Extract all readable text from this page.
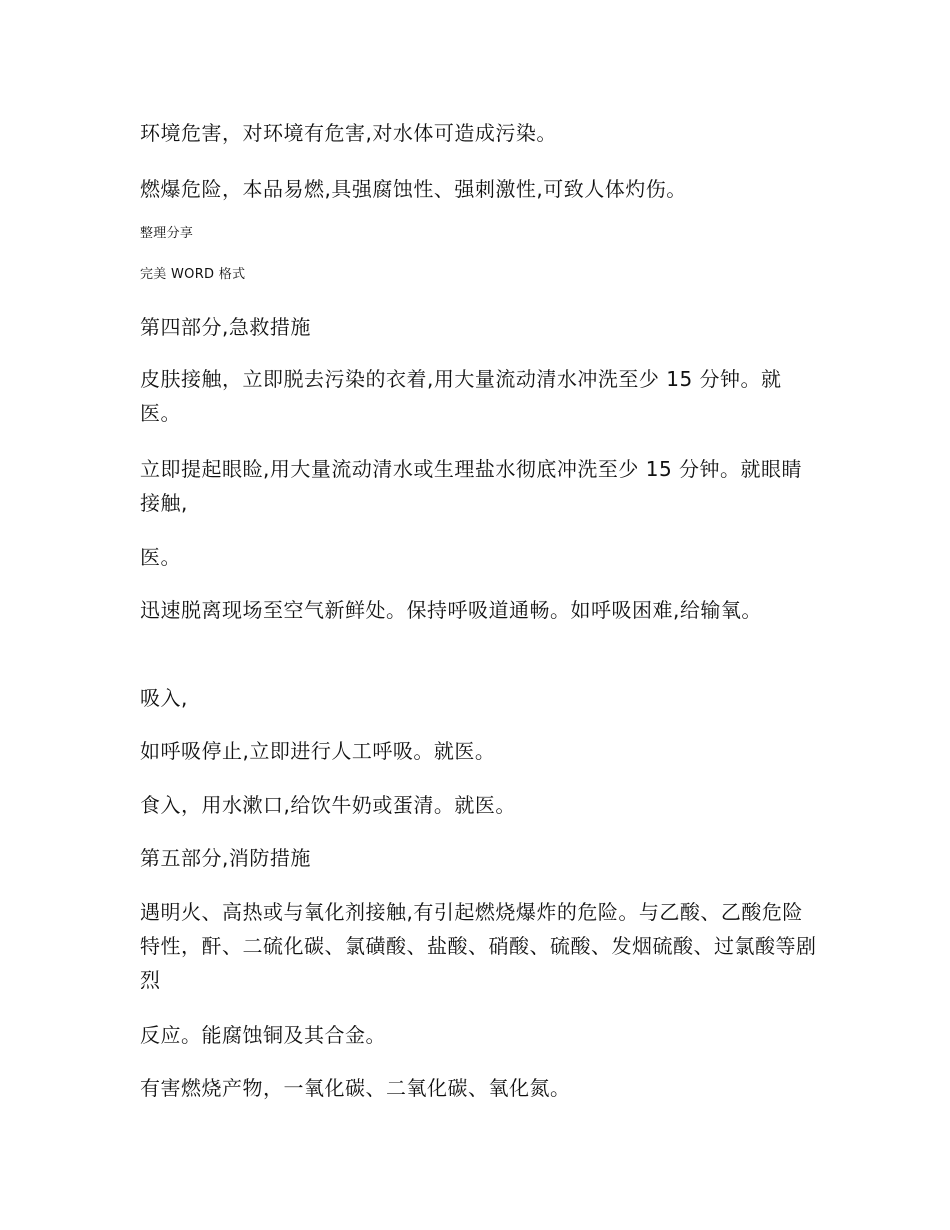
环境危害，对环境有危害,对水体可造成污染。
燃爆危险，本品易燃,具强腐蚀性、强刺激性,可致人体灼伤。
整理分享
完美 WORD 格式
第四部分,急救措施
皮肤接触，立即脱去污染的衣着,用大量流动清水冲洗至少 15 分钟。就医。
立即提起眼睑,用大量流动清水或生理盐水彻底冲洗至少 15 分钟。就眼睛接触,
医。
迅速脱离现场至空气新鲜处。保持呼吸道通畅。如呼吸困难,给输氧。
吸入,
如呼吸停止,立即进行人工呼吸。就医。
食入，用水漱口,给饮牛奶或蛋清。就医。
第五部分,消防措施
遇明火、高热或与氧化剂接触,有引起燃烧爆炸的危险。与乙酸、乙酸危险特性，酐、二硫化碳、氯磺酸、盐酸、硝酸、硫酸、发烟硫酸、过氯酸等剧烈
反应。能腐蚀铜及其合金。
有害燃烧产物，一氧化碳、二氧化碳、氧化氮。
